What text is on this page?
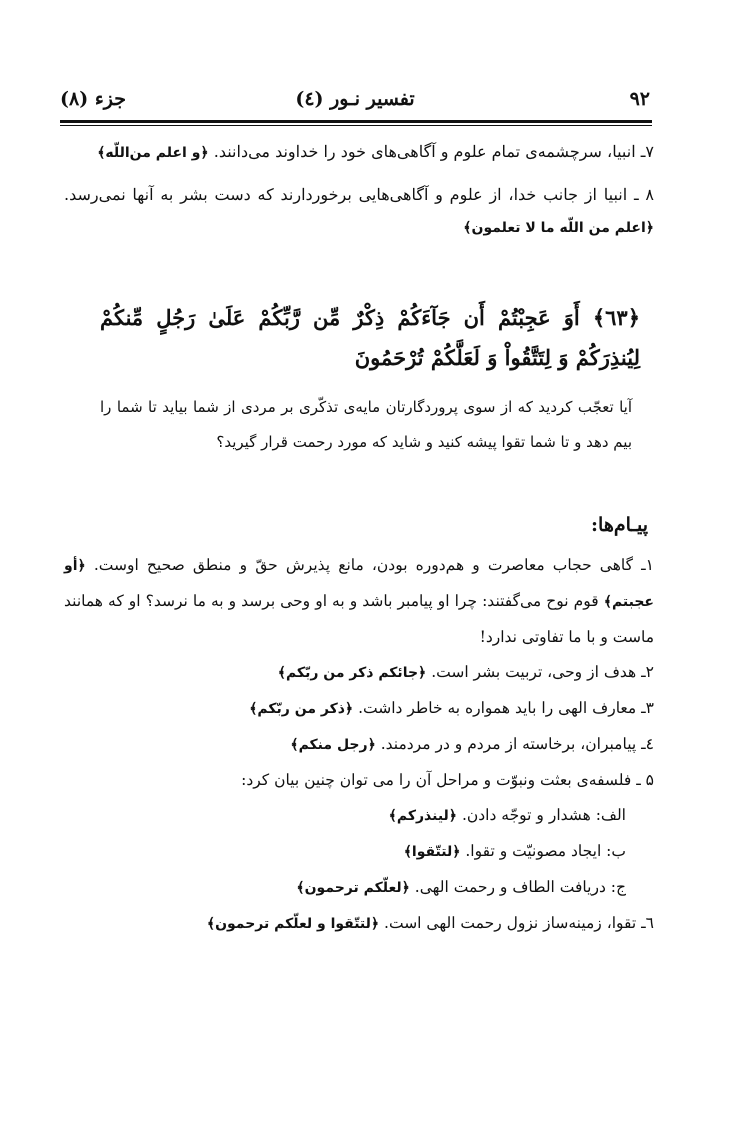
۹۲
تفسیر نـور (٤)
جزء (٨)

۷ـ انبیا، سرچشمه‌ی تمام علوم و آگاهی‌های خود را خداوند می‌دانند. ﴿و اعلم من‌اللّه﴾

۸ ـ انبیا از جانب خدا، از علوم و آگاهی‌هایی برخوردارند که دست بشر به آنها نمی‌رسد. ﴿اعلم من اللّه ما لا تعلمون﴾

﴿٦٣﴾ أَوَ عَجِبْتُمْ أَن جَآءَكُمْ ذِكْرٌ مِّن رَّبِّكُمْ عَلَىٰ رَجُلٍ مِّنكُمْ لِيُنذِرَكُمْ وَ لِتَتَّقُواْ وَ لَعَلَّكُمْ تُرْحَمُونَ
آیا تعجّب کردید که از سوی پروردگارتان مایه‌ی تذکّری بر مردی از شما بیاید تا شما را بیم دهد و تا شما تقوا پیشه کنید و شاید که مورد رحمت قرار گیرید؟
پیـام‌ها:

۱ـ گاهی حجاب معاصرت و هم‌دوره بودن، مانع پذیرش حقّ و منطق صحیح اوست. ﴿أو عجبتم﴾ قوم نوح می‌گفتند: چرا او پیامبر باشد و به او وحی برسد و به ما نرسد؟ او که همانند ماست و با ما تفاوتی ندارد!

۲ـ هدف از وحی، تربیت بشر است. ﴿جائكم ذكر من ربّكم﴾

۳ـ معارف الهی را باید همواره به خاطر داشت. ﴿ذكر من ربّكم﴾

٤ـ پیامبران، برخاسته از مردم و در مردمند. ﴿رجل منكم﴾

۵ ـ فلسفه‌ی بعثت ونبوّت و مراحل آن را می توان چنین بیان کرد:

الف: هشدار و توجّه دادن. ﴿لینذركم﴾

ب: ایجاد مصونیّت و تقوا. ﴿لتتّقوا﴾

ج: دریافت الطاف و رحمت الهی. ﴿لعلّكم ترحمون﴾

٦ـ تقوا، زمینه‌ساز نزول رحمت الهی است. ﴿لتتّقوا و لعلّكم ترحمون﴾
